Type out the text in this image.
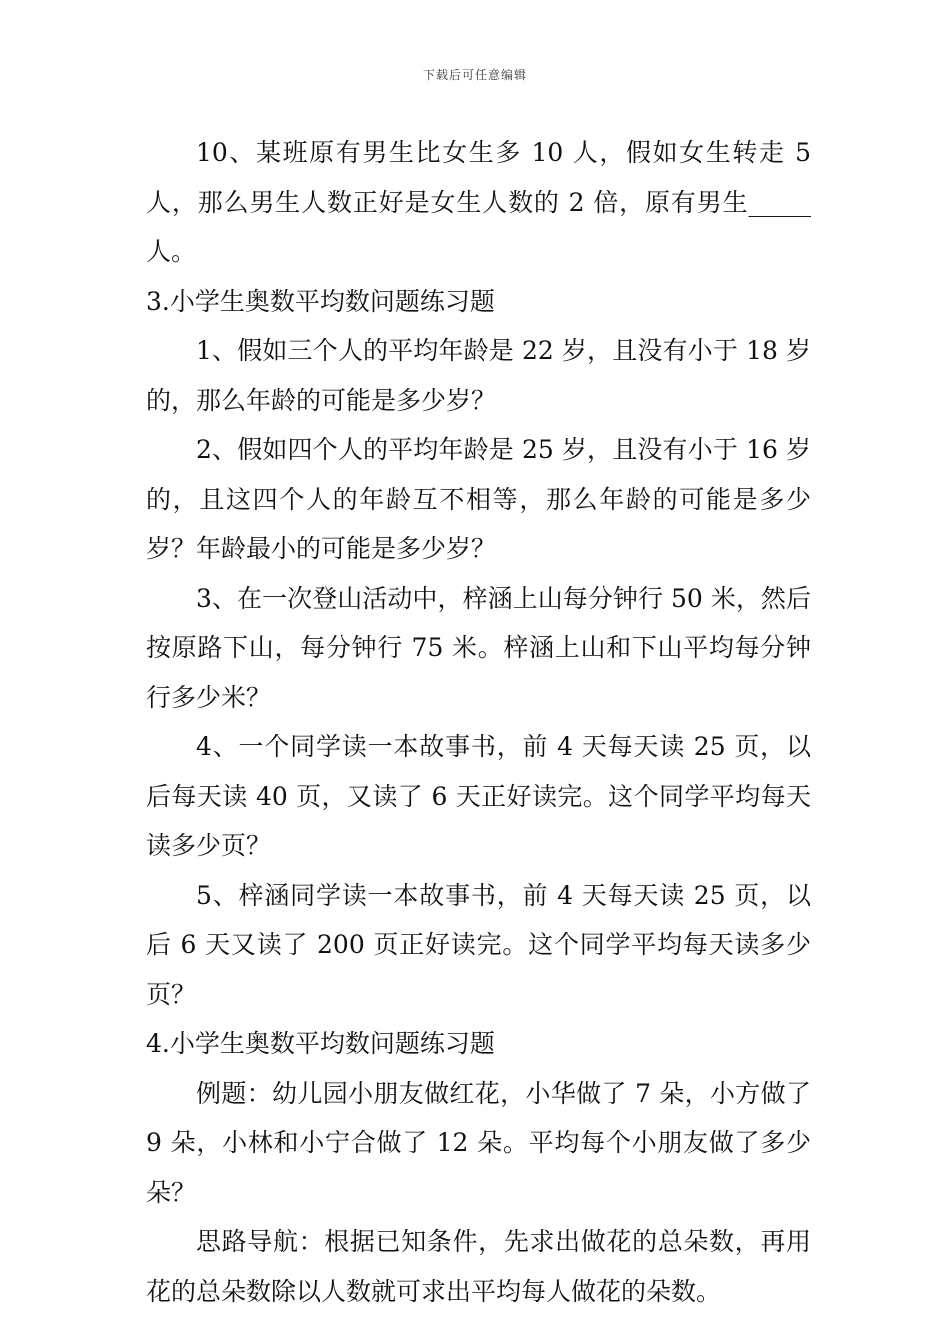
下载后可任意编辑

10、某班原有男生比女生多 10 人，假如女生转走 5 人，那么男生人数正好是女生人数的 2 倍，原有男生_____人。

3.小学生奥数平均数问题练习题

1、假如三个人的平均年龄是 22 岁，且没有小于 18 岁的，那么年龄的可能是多少岁？

2、假如四个人的平均年龄是 25 岁，且没有小于 16 岁的，且这四个人的年龄互不相等，那么年龄的可能是多少岁？年龄最小的可能是多少岁？

3、在一次登山活动中，梓涵上山每分钟行 50 米，然后按原路下山，每分钟行 75 米。梓涵上山和下山平均每分钟行多少米？

4、一个同学读一本故事书，前 4 天每天读 25 页，以后每天读 40 页，又读了 6 天正好读完。这个同学平均每天读多少页？

5、梓涵同学读一本故事书，前 4 天每天读 25 页，以后 6 天又读了 200 页正好读完。这个同学平均每天读多少页？

4.小学生奥数平均数问题练习题

例题：幼儿园小朋友做红花，小华做了 7 朵，小方做了 9 朵，小林和小宁合做了 12 朵。平均每个小朋友做了多少朵？

思路导航：根据已知条件，先求出做花的总朵数，再用花的总朵数除以人数就可求出平均每人做花的朵数。
